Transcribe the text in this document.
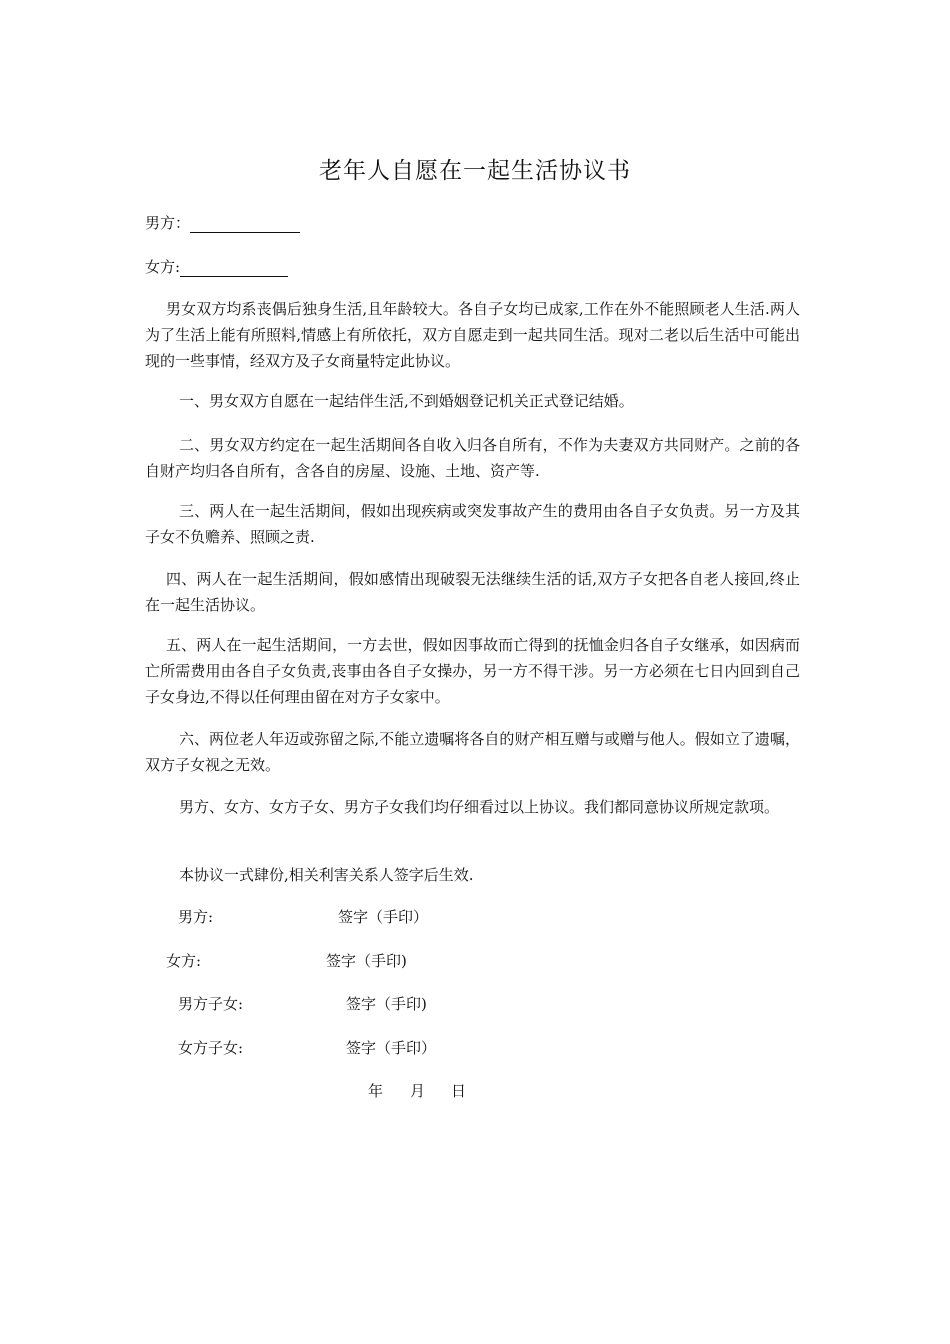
老年人自愿在一起生活协议书
男方：
女方:
男女双方均系丧偶后独身生活,且年龄较大。各自子女均已成家,工作在外不能照顾老人生活.两人为了生活上能有所照料,情感上有所依托，双方自愿走到一起共同生活。现对二老以后生活中可能出现的一些事情，经双方及子女商量特定此协议。
一、男女双方自愿在一起结伴生活,不到婚姻登记机关正式登记结婚。
二、男女双方约定在一起生活期间各自收入归各自所有，不作为夫妻双方共同财产。之前的各自财产均归各自所有，含各自的房屋、设施、土地、资产等.
三、两人在一起生活期间，假如出现疾病或突发事故产生的费用由各自子女负责。另一方及其子女不负赡养、照顾之责.
四、两人在一起生活期间，假如感情出现破裂无法继续生活的话,双方子女把各自老人接回,终止在一起生活协议。
五、两人在一起生活期间，一方去世，假如因事故而亡得到的抚恤金归各自子女继承，如因病而亡所需费用由各自子女负责,丧事由各自子女操办，另一方不得干涉。另一方必须在七日内回到自己子女身边,不得以任何理由留在对方子女家中。
六、两位老人年迈或弥留之际,不能立遗嘱将各自的财产相互赠与或赠与他人。假如立了遗嘱，双方子女视之无效。
男方、女方、女方子女、男方子女我们均仔细看过以上协议。我们都同意协议所规定款项。
本协议一式肆份,相关利害关系人签字后生效.
男方:	签字（手印）
女方:	签字（手印)
男方子女:	签字（手印)
女方子女:	签字（手印）
年 月 日
